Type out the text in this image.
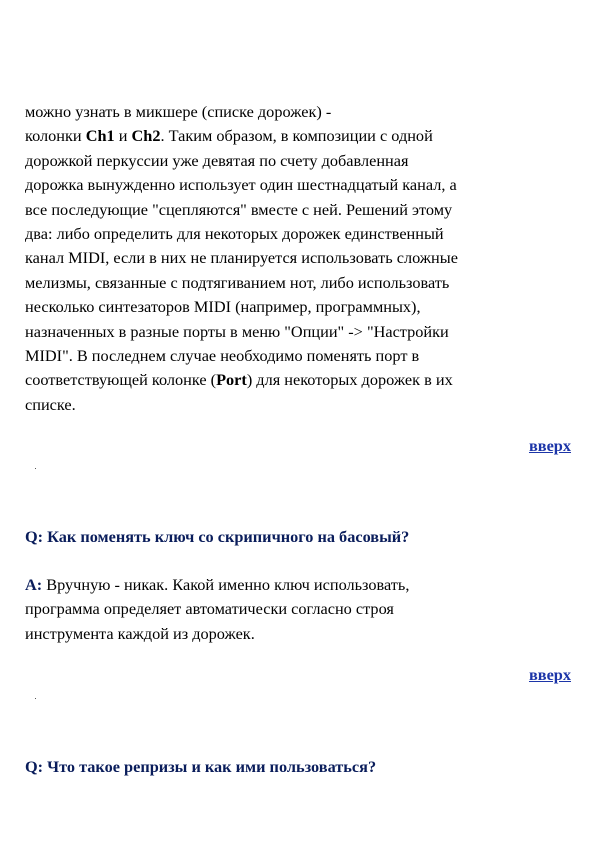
можно узнать в микшере (списке дорожек) -
колонки Ch1 и Ch2. Таким образом, в композиции с одной
дорожкой перкуссии уже девятая по счету добавленная
дорожка вынужденно использует один шестнадцатый канал, а
все последующие "сцепляются" вместе с ней. Решений этому
два: либо определить для некоторых дорожек единственный
канал MIDI, если в них не планируется использовать сложные
мелизмы, связанные с подтягиванием нот, либо использовать
несколько синтезаторов MIDI (например, программных),
назначенных в разные порты в меню "Опции" -> "Настройки
MIDI". В последнем случае необходимо поменять порт в
соответствующей колонке (Port) для некоторых дорожек в их
списке.
вверх

Q: Как поменять ключ со скрипичного на басовый?

A: Вручную - никак. Какой именно ключ использовать,
программа определяет автоматически согласно строя
инструмента каждой из дорожек.
вверх

Q: Что такое репризы и как ими пользоваться?
